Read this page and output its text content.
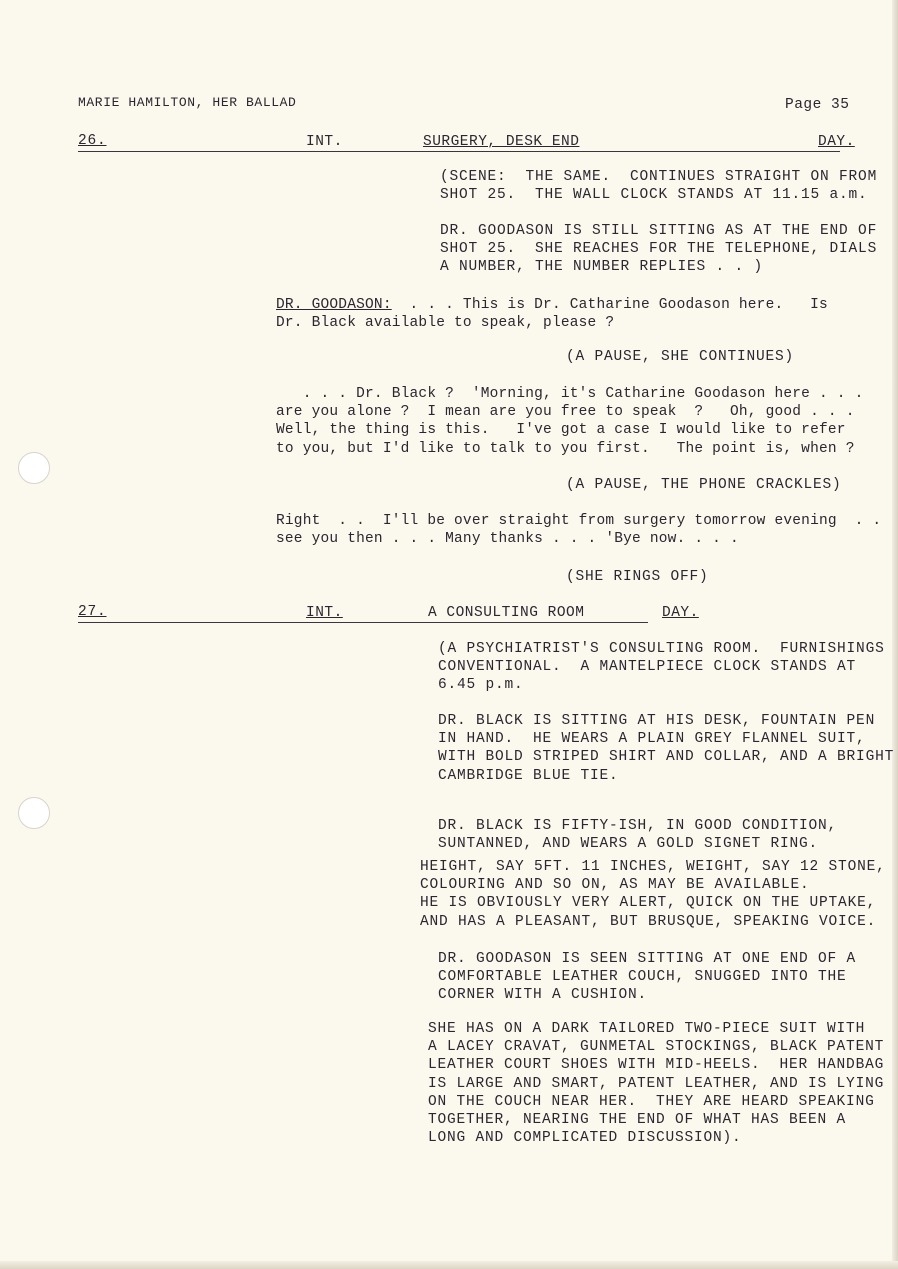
MARIE HAMILTON, HER BALLAD	Page 35
26.	INT.	SURGERY, DESK END	DAY.
(SCENE:  THE SAME.  CONTINUES STRAIGHT ON FROM
SHOT 25.  THE WALL CLOCK STANDS AT 11.15 a.m.
DR. GOODASON IS STILL SITTING AS AT THE END OF
SHOT 25.  SHE REACHES FOR THE TELEPHONE, DIALS
A NUMBER, THE NUMBER REPLIES . . )
DR. GOODASON:  . . . This is Dr. Catharine Goodason here.   Is
Dr. Black available to speak, please ?
(A PAUSE, SHE CONTINUES)
. . . Dr. Black ?  'Morning, it's Catharine Goodason here . . .
are you alone ?  I mean are you free to speak  ?   Oh, good . . .
Well, the thing is this.   I've got a case I would like to refer
to you, but I'd like to talk to you first.   The point is, when ?
(A PAUSE, THE PHONE CRACKLES)
Right  . .  I'll be over straight from surgery tomorrow evening  . .
see you then . . . Many thanks . . . 'Bye now. . . .
(SHE RINGS OFF)
27.	INT.	A CONSULTING ROOM	DAY.
(A PSYCHIATRIST'S CONSULTING ROOM.  FURNISHINGS
CONVENTIONAL.  A MANTELPIECE CLOCK STANDS AT
6.45 p.m.
DR. BLACK IS SITTING AT HIS DESK, FOUNTAIN PEN
IN HAND.  HE WEARS A PLAIN GREY FLANNEL SUIT,
WITH BOLD STRIPED SHIRT AND COLLAR, AND A BRIGHT
CAMBRIDGE BLUE TIE.
DR. BLACK IS FIFTY-ISH, IN GOOD CONDITION,
SUNTANNED, AND WEARS A GOLD SIGNET RING.
HEIGHT, SAY 5FT. 11 INCHES, WEIGHT, SAY 12 STONE,
COLOURING AND SO ON, AS MAY BE AVAILABLE.
HE IS OBVIOUSLY VERY ALERT, QUICK ON THE UPTAKE,
AND HAS A PLEASANT, BUT BRUSQUE, SPEAKING VOICE.
DR. GOODASON IS SEEN SITTING AT ONE END OF A
COMFORTABLE LEATHER COUCH, SNUGGED INTO THE
CORNER WITH A CUSHION.
SHE HAS ON A DARK TAILORED TWO-PIECE SUIT WITH
A LACEY CRAVAT, GUNMETAL STOCKINGS, BLACK PATENT
LEATHER COURT SHOES WITH MID-HEELS.  HER HANDBAG
IS LARGE AND SMART, PATENT LEATHER, AND IS LYING
ON THE COUCH NEAR HER.  THEY ARE HEARD SPEAKING
TOGETHER, NEARING THE END OF WHAT HAS BEEN A
LONG AND COMPLICATED DISCUSSION).
